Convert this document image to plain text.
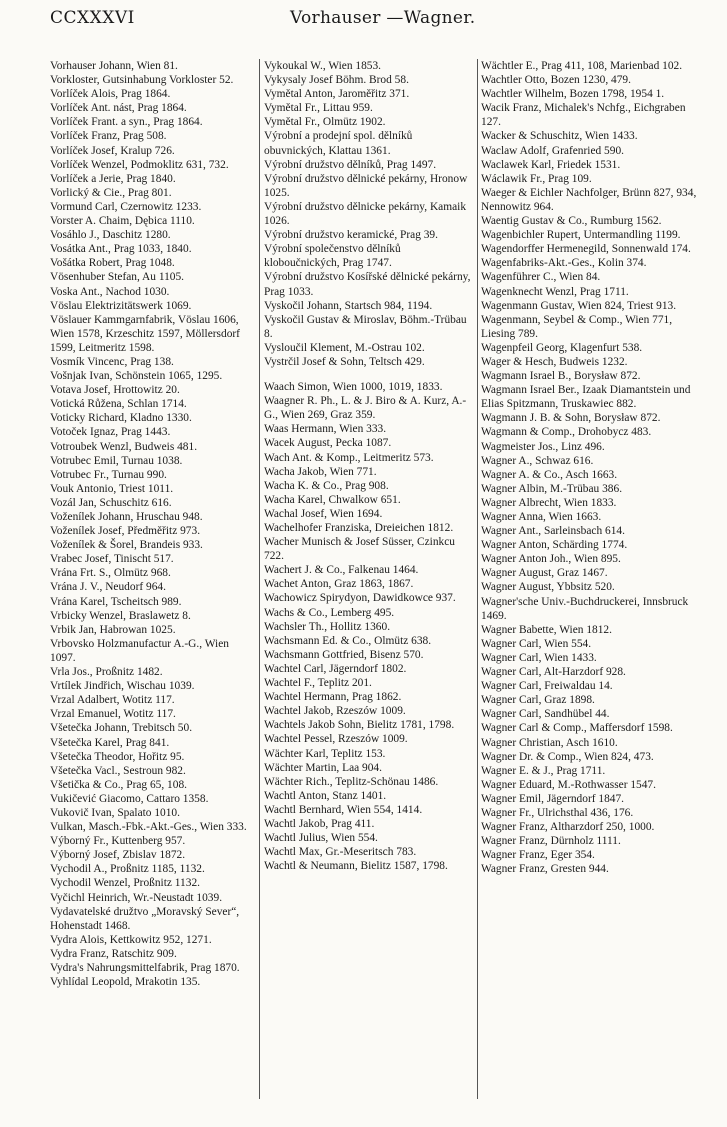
CCXXXVI	Vorhauser —Wagner.
Vorhauser Johann, Wien 81.
Vorkloster, Gutsinhabung Vorkloster 52.
Vorlíček Alois, Prag 1864.
Vorlíček Ant. nást, Prag 1864.
Vorlíček Frant. a syn., Prag 1864.
Vorlíček Franz, Prag 508.
Vorlíček Josef, Kralup 726.
Vorlíček Wenzel, Podmoklitz 631, 732.
Vorlíček a Jerie, Prag 1840.
Vorlický & Cie., Prag 801.
Vormund Carl, Czernowitz 1233.
Vorster A. Chaim, Dębica 1110.
Vosáhlo J., Daschitz 1280.
Vosátka Ant., Prag 1033, 1840.
Vošátka Robert, Prag 1048.
Vösenhuber Stefan, Au 1105.
Voska Ant., Nachod 1030.
Vöslau Elektrizitätswerk 1069.
Vöslauer Kammgarnfabrik, Vöslau 1606, Wien 1578, Krzeschitz 1597, Möllersdorf 1599, Leitmeritz 1598.
Vosmík Vincenc, Prag 138.
Vošnjak Ivan, Schönstein 1065, 1295.
Votava Josef, Hrottowitz 20.
Votická Růžena, Schlan 1714.
Voticky Richard, Kladno 1330.
Votoček Ignaz, Prag 1443.
Votroubek Wenzl, Budweis 481.
Votrubec Emil, Turnau 1038.
Votrubec Fr., Turnau 990.
Vouk Antonio, Triest 1011.
Vozál Jan, Schuschitz 616.
Voženílek Johann, Hruschau 948.
Voženílek Josef, Předměřitz 973.
Voženílek & Šorel, Brandeis 933.
Vrabec Josef, Tinischt 517.
Vrána Frt. S., Olmütz 968.
Vrána J. V., Neudorf 964.
Vrána Karel, Tscheitsch 989.
Vrbicky Wenzel, Braslawetz 8.
Vrbik Jan, Habrowan 1025.
Vrbovsko Holzmanufactur A.-G., Wien 1097.
Vrla Jos., Proßnitz 1482.
Vrtílek Jindřich, Wischau 1039.
Vrzal Adalbert, Wotitz 117.
Vrzal Emanuel, Wotitz 117.
Všetečka Johann, Trebitsch 50.
Všetečka Karel, Prag 841.
Všetečka Theodor, Hořitz 95.
Všetečka Vacl., Sestroun 982.
Všetička & Co., Prag 65, 108.
Vukičević Giacomo, Cattaro 1358.
Vukovič Ivan, Spalato 1010.
Vulkan, Masch.-Fbk.-Akt.-Ges., Wien 333.
Výborný Fr., Kuttenberg 957.
Výborný Josef, Zbislav 1872.
Vychodil A., Proßnitz 1185, 1132.
Vychodil Wenzel, Proßnitz 1132.
Vyčichl Heinrich, Wr.-Neustadt 1039.
Vydavatelské družtvo „Moravský Sever“, Hohenstadt 1468.
Vydra Alois, Kettkowitz 952, 1271.
Vydra Franz, Ratschitz 909.
Vydra's Nahrungsmittelfabrik, Prag 1870.
Vyhlídal Leopold, Mrakotin 135.
Vykoukal W., Wien 1853.
Vykysaly Josef Böhm. Brod 58.
Vymětal Anton, Jaroměřitz 371.
Vymětal Fr., Littau 959.
Vymětal Fr., Olmütz 1902.
Výrobní a prodejní spol. dělníků obuvnických, Klattau 1361.
Výrobní družstvo dělníků, Prag 1497.
Výrobní družstvo dělnické pekárny, Hronow 1025.
Výrobní družstvo dělnicke pekárny, Kamaik 1026.
Výrobní družstvo keramické, Prag 39.
Výrobní společenstvo dělníků kloboučnických, Prag 1747.
Výrobní družstvo Kosířské dělnické pekárny, Prag 1033.
Vyskočil Johann, Startsch 984, 1194.
Vyskočil Gustav & Miroslav, Böhm.-Trübau 8.
Vysloučil Klement, M.-Ostrau 102.
Vystrčil Josef & Sohn, Teltsch 429.
Waach Simon, Wien 1000, 1019, 1833.
Waagner R. Ph., L. & J. Biro & A. Kurz, A.-G., Wien 269, Graz 359.
Waas Hermann, Wien 333.
Wacek August, Pecka 1087.
Wach Ant. & Komp., Leitmeritz 573.
Wacha Jakob, Wien 771.
Wacha K. & Co., Prag 908.
Wacha Karel, Chwalkow 651.
Wachal Josef, Wien 1694.
Wachelhofer Franziska, Dreieichen 1812.
Wacher Munisch & Josef Süsser, Czinkcu 722.
Wachert J. & Co., Falkenau 1464.
Wachet Anton, Graz 1863, 1867.
Wachowicz Spirydyon, Dawidkowce 937.
Wachs & Co., Lemberg 495.
Wachsler Th., Hollitz 1360.
Wachsmann Ed. & Co., Olmütz 638.
Wachsmann Gottfried, Bisenz 570.
Wachtel Carl, Jägerndorf 1802.
Wachtel F., Teplitz 201.
Wachtel Hermann, Prag 1862.
Wachtel Jakob, Rzeszów 1009.
Wachtels Jakob Sohn, Bielitz 1781, 1798.
Wachtel Pessel, Rzeszów 1009.
Wächter Karl, Teplitz 153.
Wächter Martin, Laa 904.
Wächter Rich., Teplitz-Schönau 1486.
Wachtl Anton, Stanz 1401.
Wachtl Bernhard, Wien 554, 1414.
Wachtl Jakob, Prag 411.
Wachtl Julius, Wien 554.
Wachtl Max, Gr.-Meseritsch 783.
Wachtl & Neumann, Bielitz 1587, 1798.
Wächtler E., Prag 411, 108, Marienbad 102.
Wachtler Otto, Bozen 1230, 479.
Wachtler Wilhelm, Bozen 1798, 1954 1.
Wacik Franz, Michalek's Nchfg., Eichgraben 127.
Wacker & Schuschitz, Wien 1433.
Waclaw Adolf, Grafenried 590.
Waclawek Karl, Friedek 1531.
Wáclawik Fr., Prag 109.
Waeger & Eichler Nachfolger, Brünn 827, 934, Nennowitz 964.
Waentig Gustav & Co., Rumburg 1562.
Wagenbichler Rupert, Untermandling 1199.
Wagendorffer Hermenegild, Sonnenwald 174.
Wagenfabriks-Akt.-Ges., Kolin 374.
Wagenführer C., Wien 84.
Wagenknecht Wenzl, Prag 1711.
Wagenmann Gustav, Wien 824, Triest 913.
Wagenmann, Seybel & Comp., Wien 771, Liesing 789.
Wagenpfeil Georg, Klagenfurt 538.
Wager & Hesch, Budweis 1232.
Wagmann Israel B., Borysław 872.
Wagmann Israel Ber., Izaak Diamantstein und Elias Spitzmann, Truskawiec 882.
Wagmann J. B. & Sohn, Borysław 872.
Wagmann & Comp., Drohobycz 483.
Wagmeister Jos., Linz 496.
Wagner A., Schwaz 616.
Wagner A. & Co., Asch 1663.
Wagner Albin, M.-Trübau 386.
Wagner Albrecht, Wien 1833.
Wagner Anna, Wien 1663.
Wagner Ant., Sarleinsbach 614.
Wagner Anton, Schärding 1774.
Wagner Anton Joh., Wien 895.
Wagner August, Graz 1467.
Wagner August, Ybbsitz 520.
Wagner'sche Univ.-Buchdruckerei, Innsbruck 1469.
Wagner Babette, Wien 1812.
Wagner Carl, Wien 554.
Wagner Carl, Wien 1433.
Wagner Carl, Alt-Harzdorf 928.
Wagner Carl, Freiwaldau 14.
Wagner Carl, Graz 1898.
Wagner Carl, Sandhübel 44.
Wagner Carl & Comp., Maffersdorf 1598.
Wagner Christian, Asch 1610.
Wagner Dr. & Comp., Wien 824, 473.
Wagner E. & J., Prag 1711.
Wagner Eduard, M.-Rothwasser 1547.
Wagner Emil, Jägerndorf 1847.
Wagner Fr., Ulrichsthal 436, 176.
Wagner Franz, Altharzdorf 250, 1000.
Wagner Franz, Dürnholz 1111.
Wagner Franz, Eger 354.
Wagner Franz, Gresten 944.
